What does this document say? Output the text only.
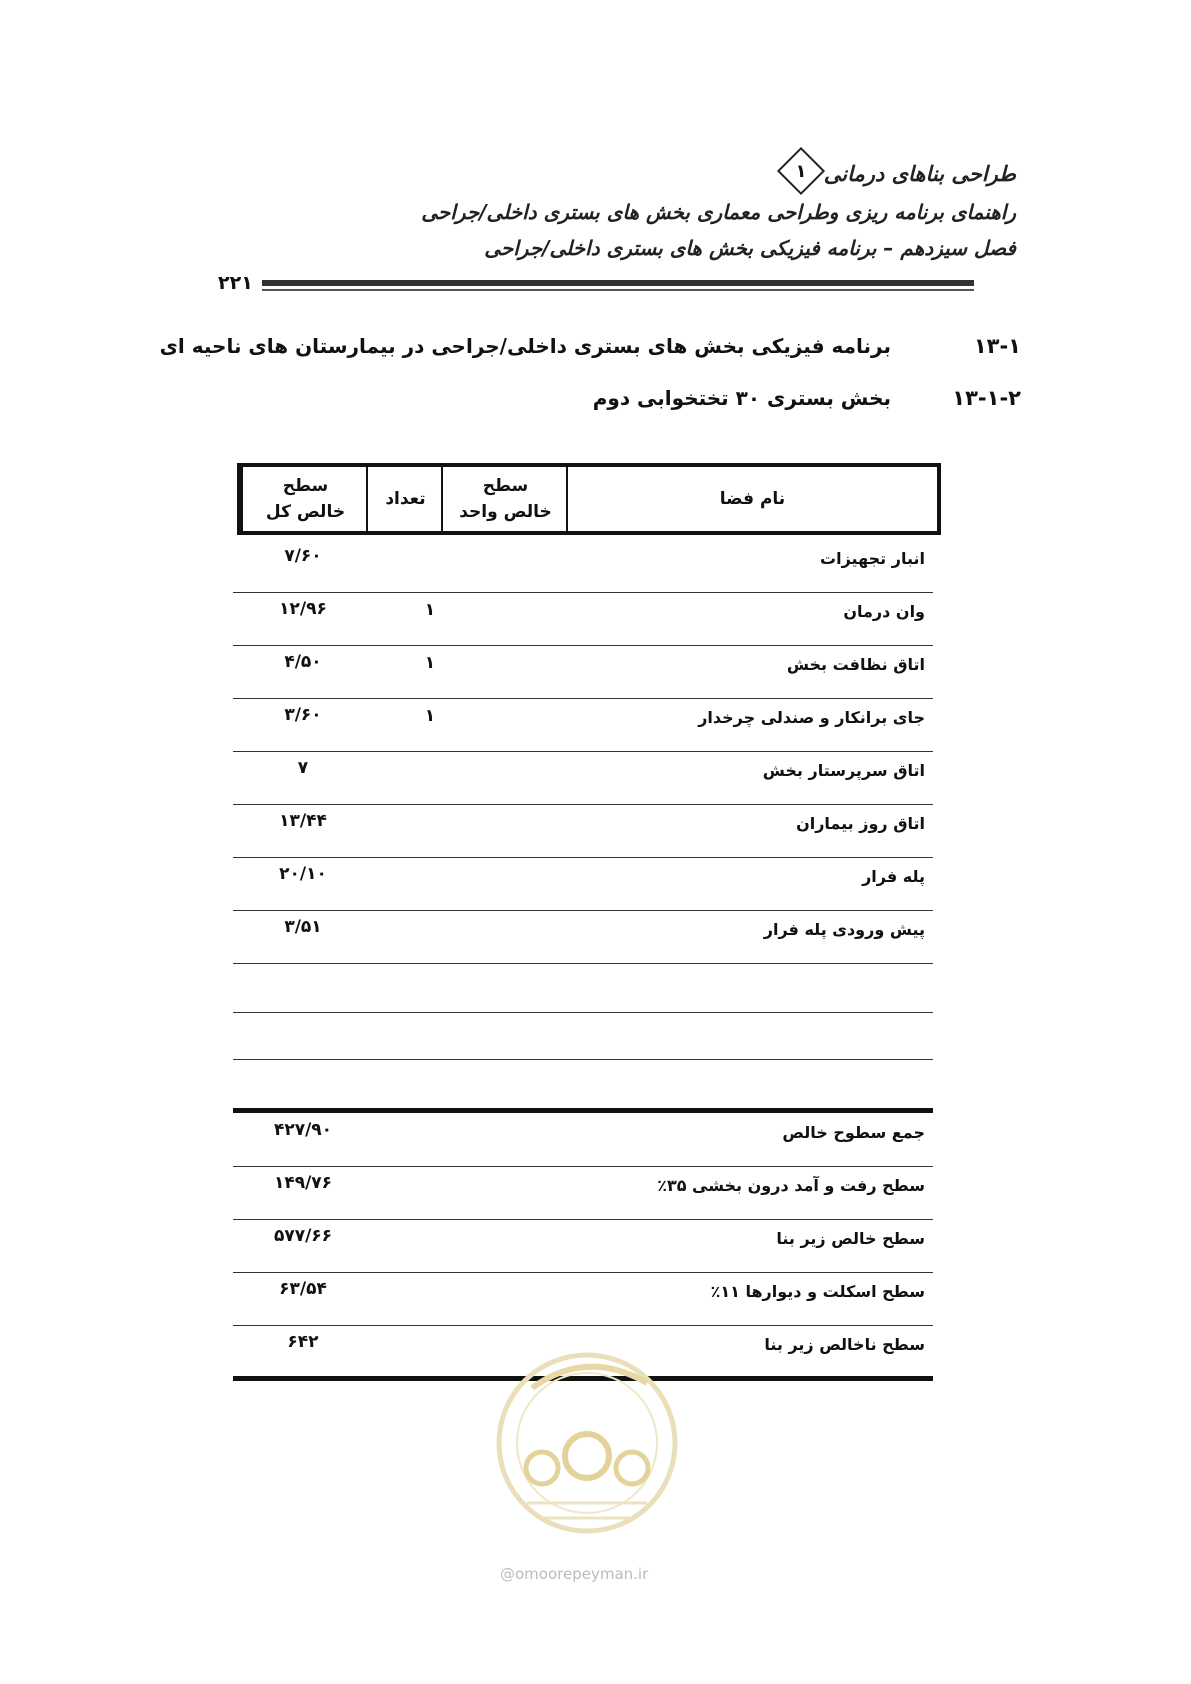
طراحی بناهای درمانی
۱
راهنمای برنامه ریزی وطراحی معماری بخش های بستری داخلی/جراحی
فصل سیزدهم – برنامه فیزیکی بخش های بستری داخلی/جراحی
۲۲۱
۱۳-۱
برنامه فیزیکی بخش های بستری داخلی/جراحی در بیمارستان های ناحیه ای
۱۳-۱-۲
بخش بستری ۳۰ تختخوابی دوم
سطح
خالص کل
تعداد
سطح
خالص واحد
نام فضا
انبار تجهیزات
۷/۶۰
وان درمان
۱
۱۲/۹۶
اتاق نظافت بخش
۱
۴/۵۰
جای برانکار و صندلی چرخدار
۱
۳/۶۰
اتاق سرپرستار بخش
۷
اتاق روز بیماران
۱۳/۴۴
پله فرار
۲۰/۱۰
پیش ورودی پله فرار
۳/۵۱
جمع سطوح خالص
۴۲۷/۹۰
سطح رفت و آمد درون بخشی ۳۵٪
۱۴۹/۷۶
سطح خالص زیر بنا
۵۷۷/۶۶
سطح اسکلت و دیوارها ۱۱٪
۶۳/۵۴
سطح ناخالص زیر بنا
۶۴۲
@omoorepeyman.ir
